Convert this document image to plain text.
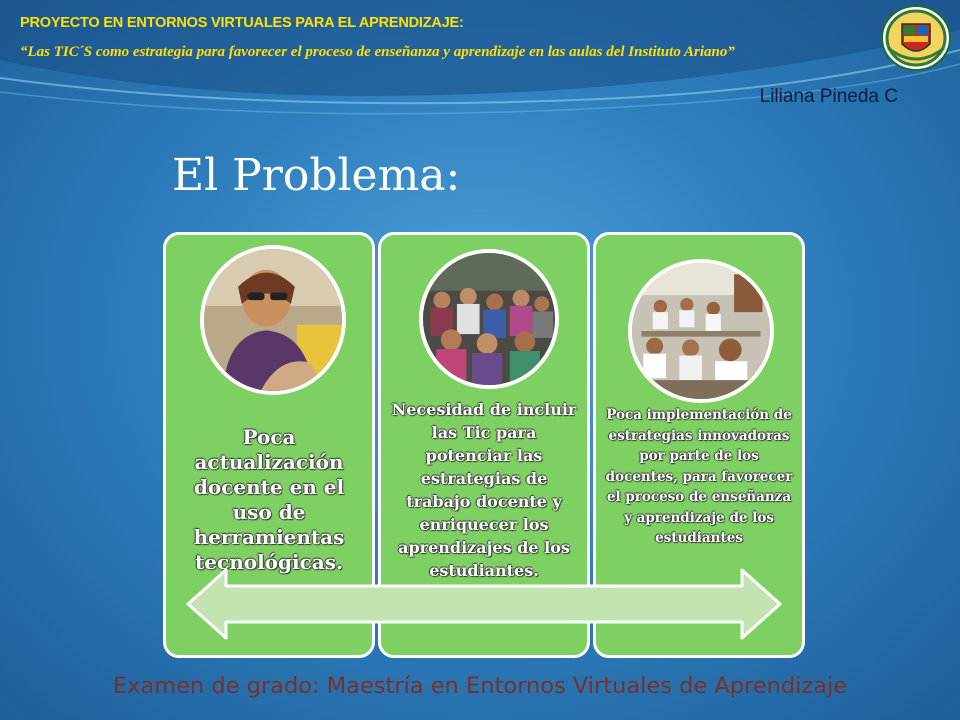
PROYECTO EN ENTORNOS VIRTUALES PARA EL APRENDIZAJE:
“Las TIC´S como estrategia para favorecer el proceso de enseñanza y aprendizaje en las aulas del Instituto Ariano”
Liliana Pineda C
El Problema:
Poca actualización docente en el uso de herramientas tecnológicas.
Necesidad de incluir las Tic para potenciar las estrategias de trabajo docente y enriquecer los aprendizajes de los estudiantes.
Poca implementación de estrategias innovadoras por parte de los docentes, para favorecer el proceso de enseñanza y aprendizaje de los estudiantes
Examen de grado: Maestría en Entornos Virtuales de Aprendizaje
